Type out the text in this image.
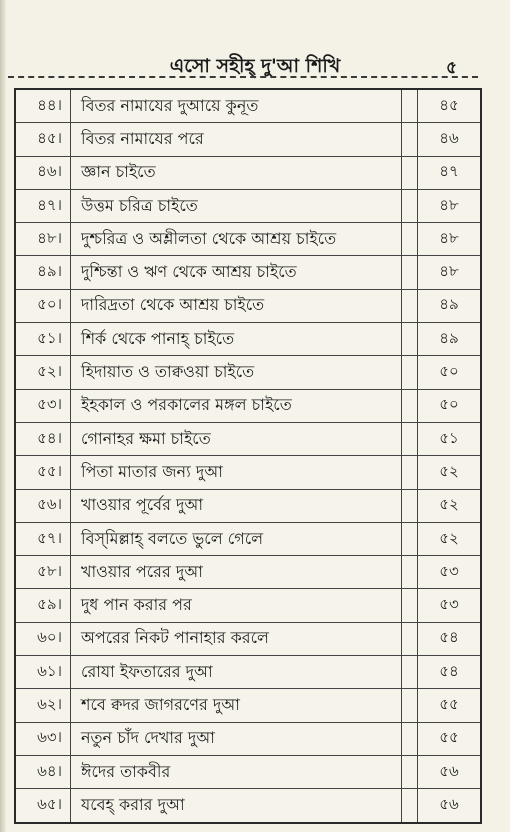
এসো সহীহ্ দু'আ শিখি	৫
৪৪।	বিতর নামাযের দুআয়ে কুনূত	৪৫
৪৫।	বিতর নামাযের পরে	৪৬
৪৬।	জ্ঞান চাইতে	৪৭
৪৭।	উত্তম চরিত্র চাইতে	৪৮
৪৮।	দুশ্চরিত্র ও অশ্লীলতা থেকে আশ্রয় চাইতে	৪৮
৪৯।	দুশ্চিন্তা ও ঋণ থেকে আশ্রয় চাইতে	৪৮
৫০।	দারিদ্রতা থেকে আশ্রয় চাইতে	৪৯
৫১।	শির্ক থেকে পানাহ্ চাইতে	৪৯
৫২।	হিদায়াত ও তাক্বওয়া চাইতে	৫০
৫৩।	ইহকাল ও পরকালের মঙ্গল চাইতে	৫০
৫৪।	গোনাহর ক্ষমা চাইতে	৫১
৫৫।	পিতা মাতার জন্য দুআ	৫২
৫৬।	খাওয়ার পূর্বের দুআ	৫২
৫৭।	বিস্‌মিল্লাহ্ বলতে ভুলে গেলে	৫২
৫৮।	খাওয়ার পরের দুআ	৫৩
৫৯।	দুধ পান করার পর	৫৩
৬০।	অপরের নিকট পানাহার করলে	৫৪
৬১।	রোযা ইফতারের দুআ	৫৪
৬২।	শবে ক্বদর জাগরণের দুআ	৫৫
৬৩।	নতুন চাঁদ দেখার দুআ	৫৫
৬৪।	ঈদের তাকবীর	৫৬
৬৫।	যবেহ্ করার দুআ	৫৬
